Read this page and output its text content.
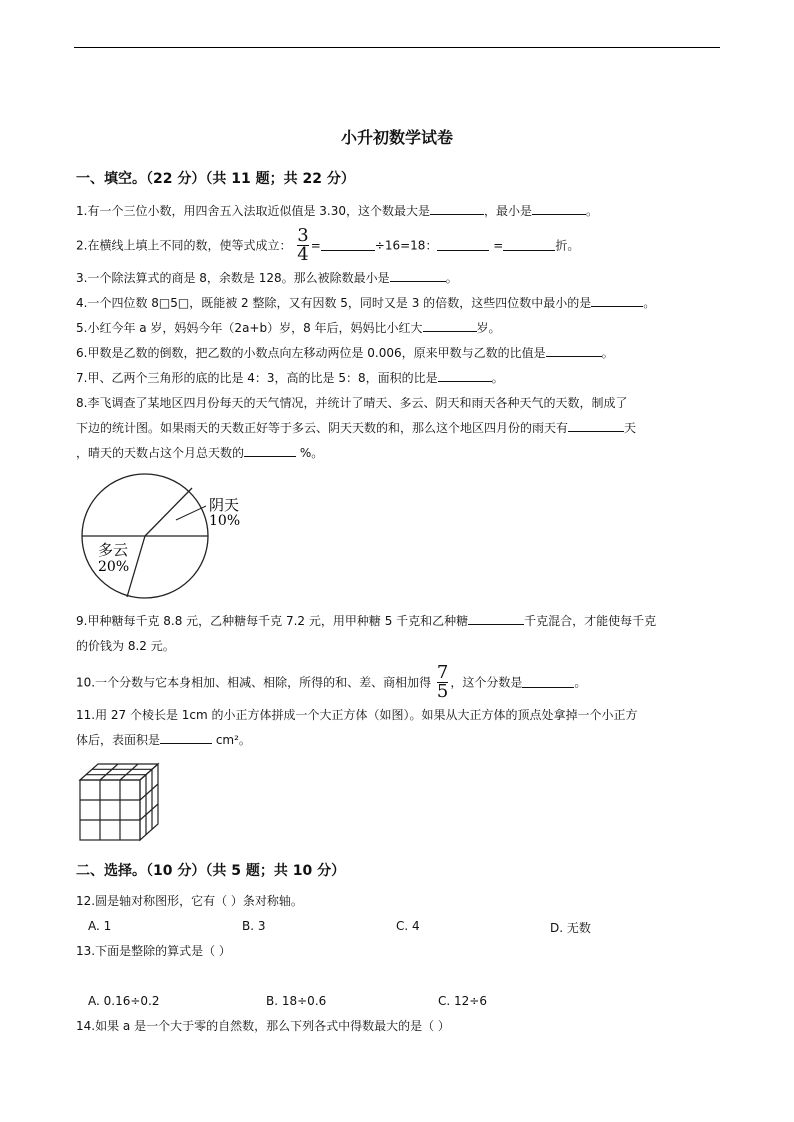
小升初数学试卷
一、填空。（22 分）（共 11 题；共 22 分）
1.有一个三位小数，用四舍五入法取近似值是 3.30，这个数最大是	，最小是	。
2.在横线上填上不同的数，使等式成立： $\frac{3}{4}$ =	÷16=18：	=	折。
3.一个除法算式的商是 8，余数是 128。那么被除数最小是	。
4.一个四位数 8□5□，既能被 2 整除，又有因数 5，同时又是 3 的倍数，这些四位数中最小的是	。
5.小红今年 a 岁，妈妈今年（2a+b）岁，8 年后，妈妈比小红大	岁。
6.甲数是乙数的倒数，把乙数的小数点向左移动两位是 0.006，原来甲数与乙数的比值是	。
7.甲、乙两个三角形的底的比是 4：3，高的比是 5：8，面积的比是	。
8.李飞调查了某地区四月份每天的天气情况，并统计了晴天、多云、阴天和雨天各种天气的天数，制成了
下边的统计图。如果雨天的天数正好等于多云、阴天天数的和，那么这个地区四月份的雨天有	天
，晴天的天数占这个月总天数的	%。
阴天
10%
多云
20%
9.甲种糖每千克 8.8 元，乙种糖每千克 7.2 元，用甲种糖 5 千克和乙种糖	千克混合，才能使每千克
的价钱为 8.2 元。
10.一个分数与它本身相加、相减、相除，所得的和、差、商相加得 $\frac{7}{5}$ ，这个分数是	。
11.用 27 个棱长是 1cm 的小正方体拼成一个大正方体（如图）。如果从大正方体的顶点处拿掉一个小正方
体后，表面积是	cm²。
二、选择。（10 分）（共 5 题；共 10 分）
12.圆是轴对称图形，它有（ ）条对称轴。
A. 1	B. 3	C. 4	D. 无数
13.下面是整除的算式是（ ）
A. 0.16÷0.2	B. 18÷0.6	C. 12÷6
14.如果 a 是一个大于零的自然数，那么下列各式中得数最大的是（ ）
